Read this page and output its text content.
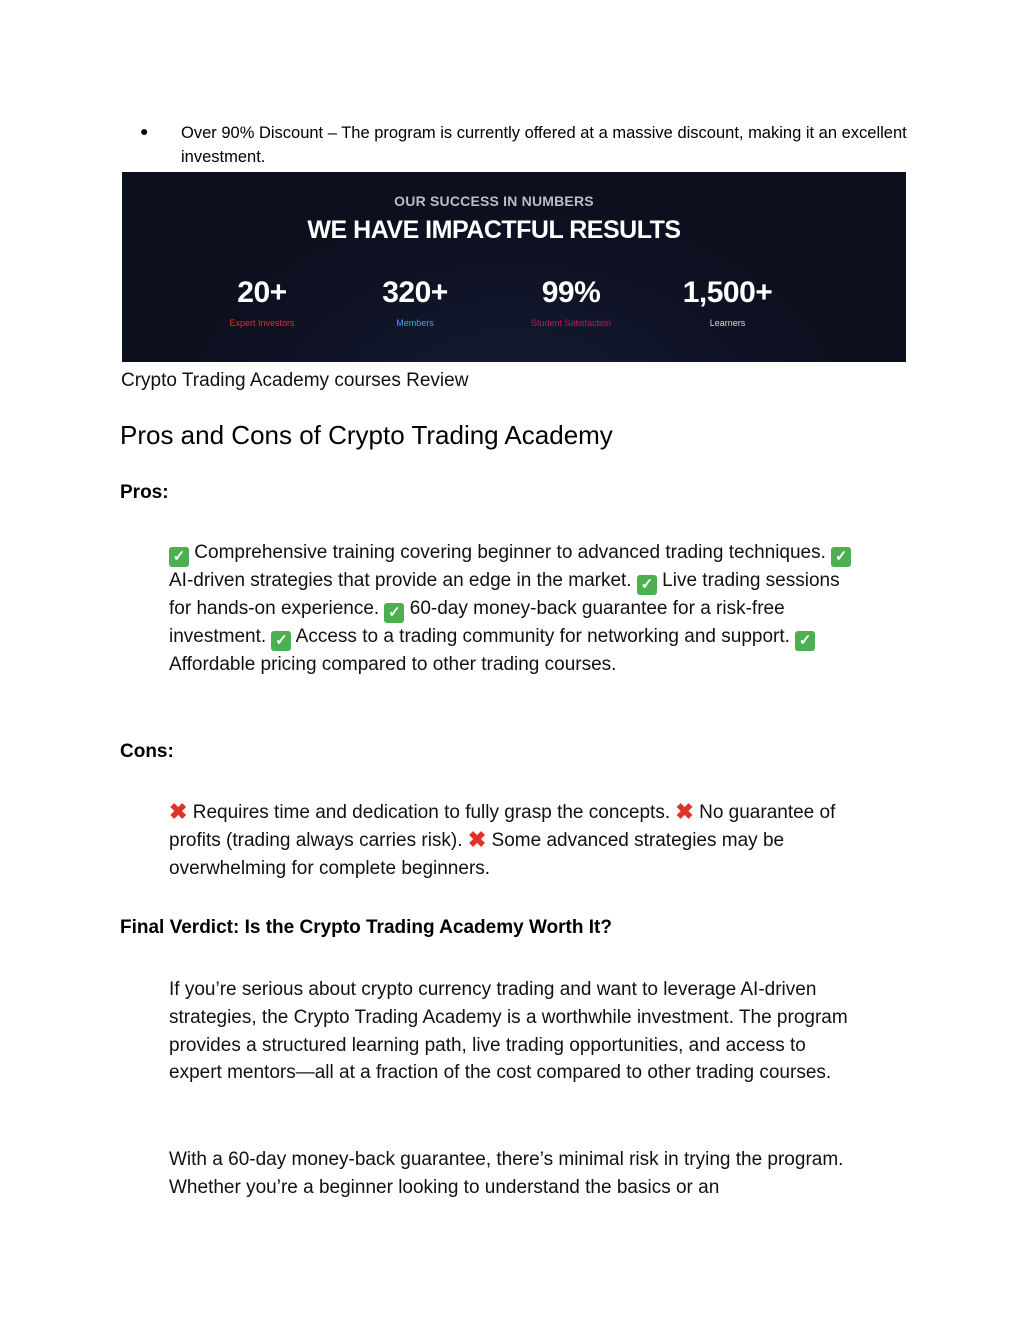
● Over 90% Discount – The program is currently offered at a massive discount, making it an excellent investment.
OUR SUCCESS IN NUMBERS
WE HAVE IMPACTFUL RESULTS
20+
Expert Investors
320+
Members
99%
Student Satisfaction
1,500+
Learners
Crypto Trading Academy courses Review
Pros and Cons of Crypto Trading Academy
Pros:
✓ Comprehensive training covering beginner to advanced trading techniques. ✓ AI-driven strategies that provide an edge in the market. ✓ Live trading sessions for hands-on experience. ✓ 60-day money-back guarantee for a risk-free investment. ✓ Access to a trading community for networking and support. ✓ Affordable pricing compared to other trading courses.
Cons:
✖ Requires time and dedication to fully grasp the concepts. ✖ No guarantee of profits (trading always carries risk). ✖ Some advanced strategies may be overwhelming for complete beginners.
Final Verdict: Is the Crypto Trading Academy Worth It?
If you’re serious about crypto currency trading and want to leverage AI-driven strategies, the Crypto Trading Academy is a worthwhile investment. The program provides a structured learning path, live trading opportunities, and access to expert mentors—all at a fraction of the cost compared to other trading courses.
With a 60-day money-back guarantee, there’s minimal risk in trying the program. Whether you’re a beginner looking to understand the basics or an
